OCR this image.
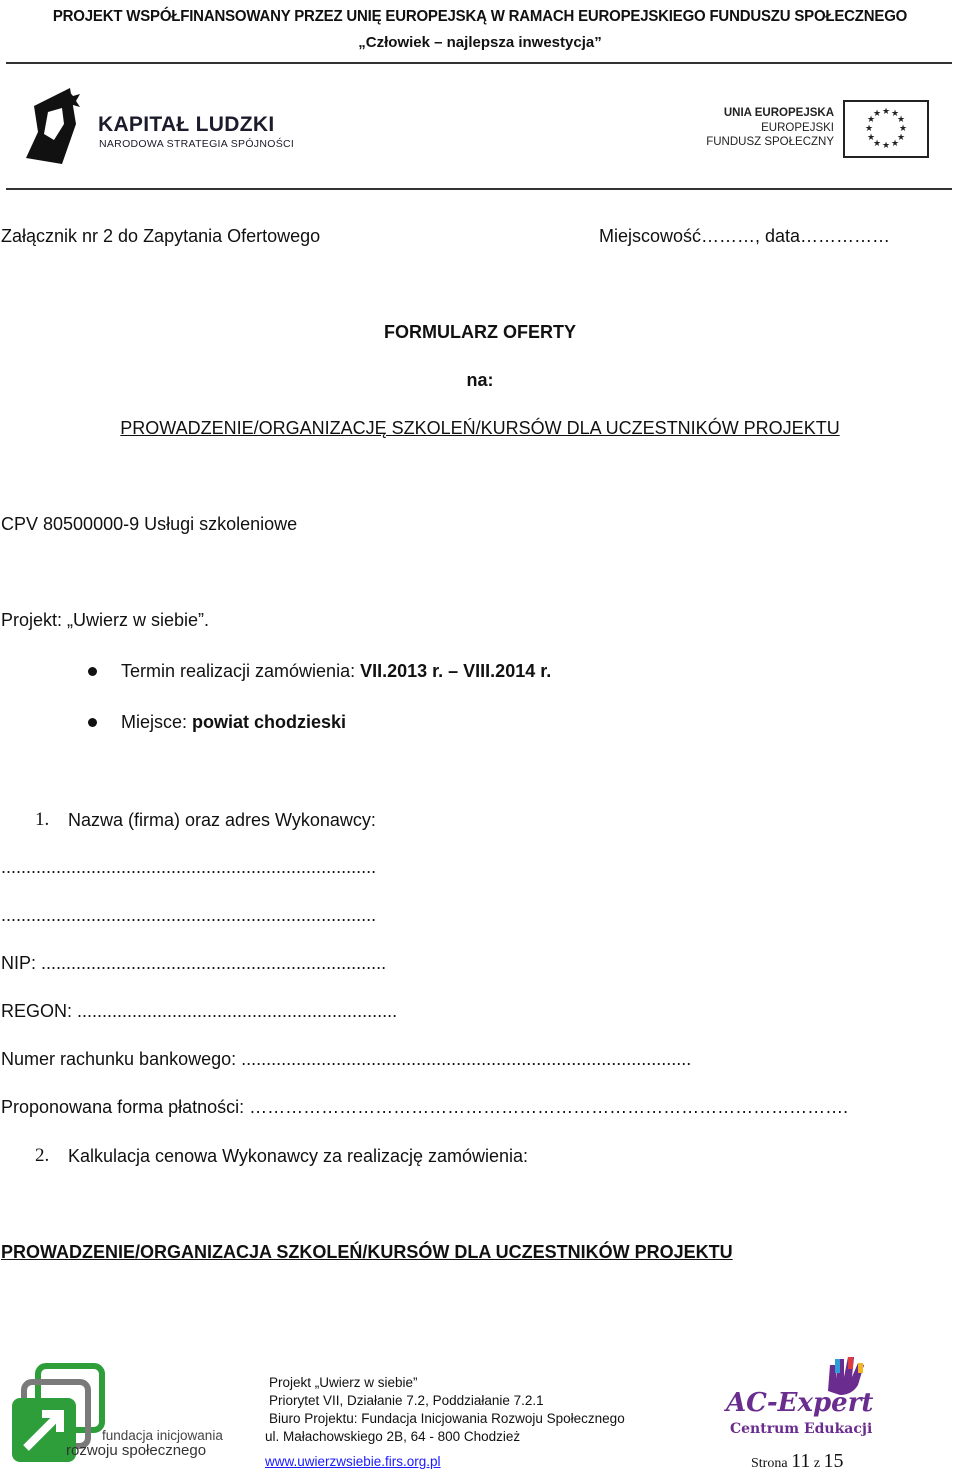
PROJEKT WSPÓŁFINANSOWANY PRZEZ UNIĘ EUROPEJSKĄ W RAMACH EUROPEJSKIEGO FUNDUSZU SPOŁECZNEGO
„Człowiek – najlepsza inwestycja”
KAPITAŁ LUDZKI
NARODOWA STRATEGIA SPÓJNOŚCI
UNIA EUROPEJSKA
EUROPEJSKI
FUNDUSZ SPOŁECZNY
★ ★
★
★
★
★
★
★
★
★
★
★
Załącznik nr 2 do Zapytania Ofertowego	Miejscowość………, data……………
FORMULARZ OFERTY
na:
PROWADZENIE/ORGANIZACJĘ SZKOLEŃ/KURSÓW DLA UCZESTNIKÓW PROJEKTU
CPV 80500000-9 Usługi szkoleniowe
Projekt: „Uwierz w siebie”.
Termin realizacji zamówienia: VII.2013 r. – VIII.2014 r.
Miejsce: powiat chodzieski
1. Nazwa (firma) oraz adres Wykonawcy:
...........................................................................
...........................................................................
NIP: .....................................................................
REGON: ................................................................
Numer rachunku bankowego: ..........................................................................................
Proponowana forma płatności: ……………………………………………………………………………………….
2. Kalkulacja cenowa Wykonawcy za realizację zamówienia:
PROWADZENIE/ORGANIZACJA SZKOLEŃ/KURSÓW DLA UCZESTNIKÓW PROJEKTU
fundacja inicjowania
rozwoju społecznego
Projekt „Uwierz w siebie”
Priorytet VII, Działanie 7.2, Poddziałanie 7.2.1
Biuro Projektu: Fundacja Inicjowania Rozwoju Społecznego
ul. Małachowskiego 2B, 64 - 800 Chodzież
www.uwierzwsiebie.firs.org.pl
AC-Expert
Centrum Edukacji
Strona 11 z 15
